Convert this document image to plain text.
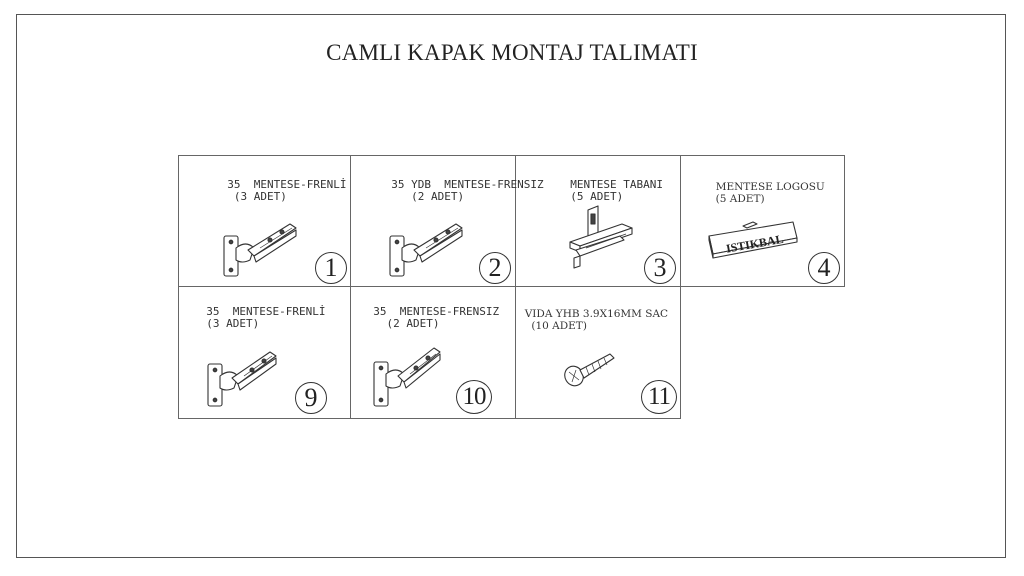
CAMLI KAPAK MONTAJ TALIMATI

35  MENTESE-FRENLİ
(3 ADET)

35 YDB  MENTESE-FRENSIZ
(2 ADET)

MENTESE TABANI
(5 ADET)

MENTESE LOGOSU
(5 ADET)

35  MENTESE-FRENLİ
(3 ADET)

35  MENTESE-FRENSIZ
(2 ADET)

VIDA YHB 3.9X16MM SAC
(10 ADET)

ISTIKBAL
1	2	3	4
9	10	11
